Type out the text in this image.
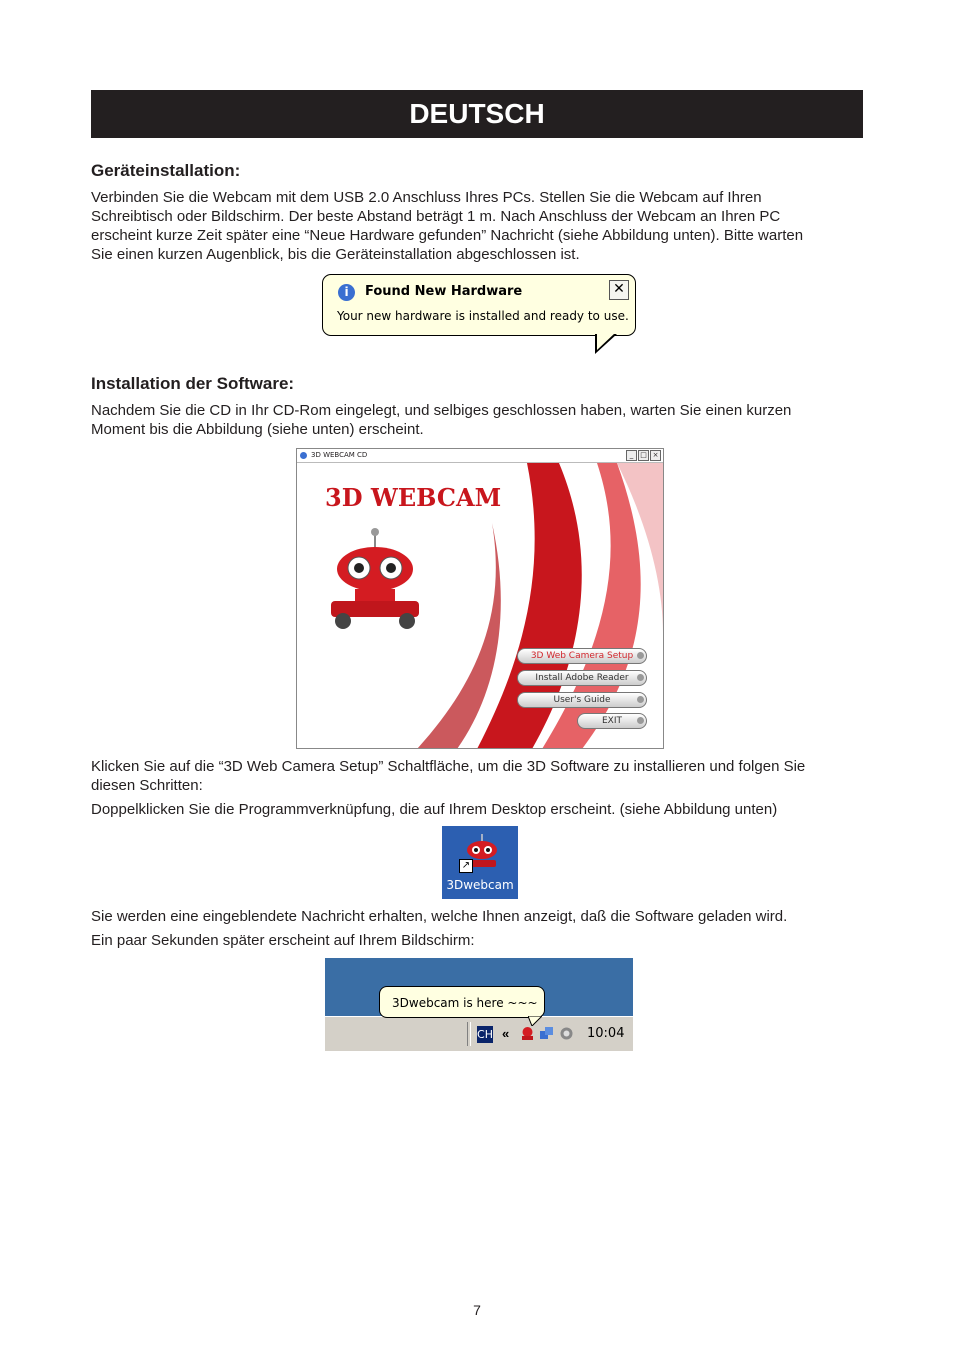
DEUTSCH
Geräteinstallation:

Verbinden Sie die Webcam mit dem USB 2.0 Anschluss Ihres PCs. Stellen Sie die Webcam auf Ihren

Schreibtisch oder Bildschirm. Der beste Abstand beträgt 1 m. Nach Anschluss der Webcam an Ihren PC

erscheint kurze Zeit später eine “Neue Hardware gefunden” Nachricht (siehe Abbildung unten). Bitte warten

Sie einen kurzen Augenblick, bis die Geräteinstallation abgeschlossen ist.

i	Found New Hardware
Your new hardware is installed and ready to use.
✕
Installation der Software:

Nachdem Sie die CD in Ihr CD-Rom eingelegt, und selbiges geschlossen haben, warten Sie einen kurzen

Moment bis die Abbildung (siehe unten) erscheint.

3D WEBCAM CD	_ □ ×
3D WEBCAM
3D Web Camera Setup
Install Adobe Reader
User's Guide
EXIT

Klicken Sie auf die “3D Web Camera Setup” Schaltfläche, um die 3D Software zu installieren und folgen Sie

diesen Schritten:

Doppelklicken Sie die Programmverknüpfung, die auf Ihrem Desktop erscheint. (siehe Abbildung unten)

↗
3Dwebcam

Sie werden eine eingeblendete Nachricht erhalten, welche Ihnen anzeigt, daß die Software geladen wird.

Ein paar Sekunden später erscheint auf Ihrem Bildschirm:

3Dwebcam is here ~~~
CH «	10:04
7
